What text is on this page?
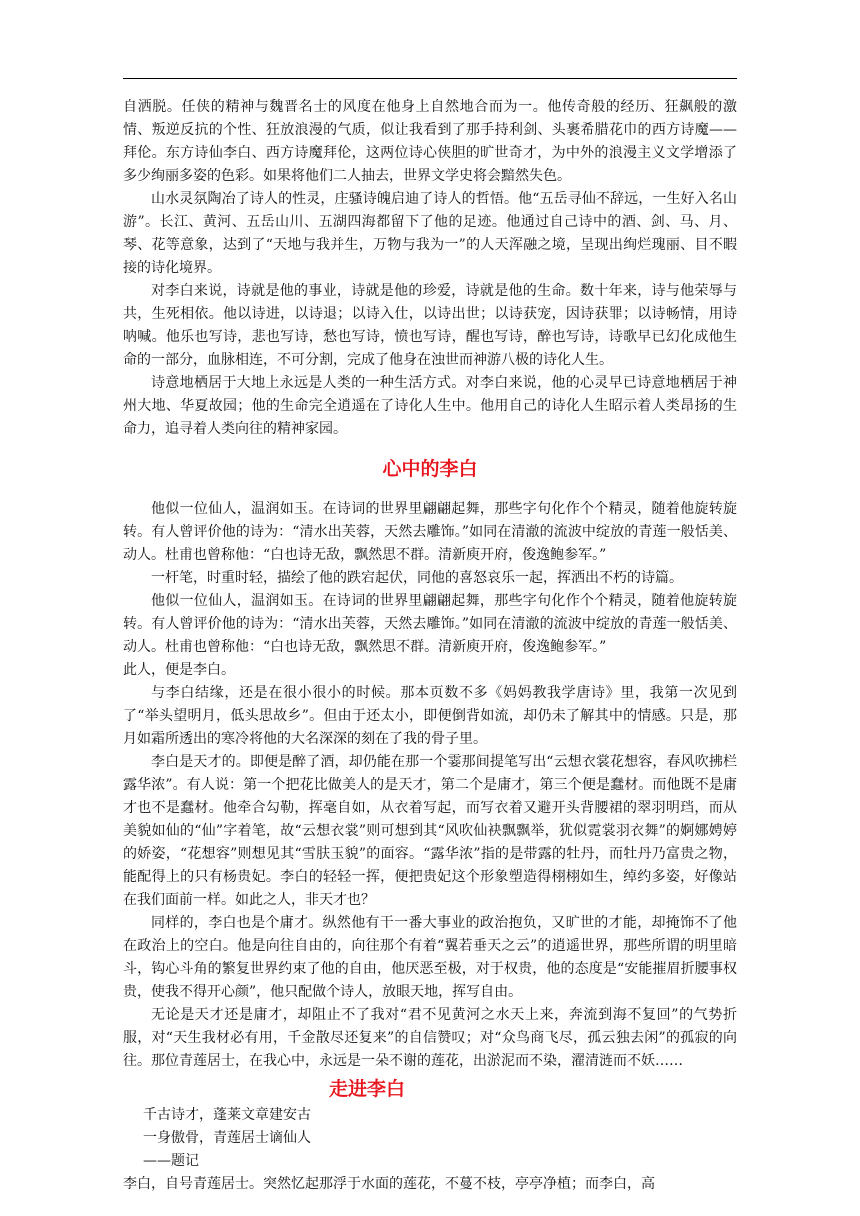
自洒脱。任侠的精神与魏晋名士的风度在他身上自然地合而为一。他传奇般的经历、狂飙般的激情、叛逆反抗的个性、狂放浪漫的气质，似让我看到了那手持利剑、头裹希腊花巾的西方诗魔——拜伦。东方诗仙李白、西方诗魔拜伦，这两位诗心侠胆的旷世奇才，为中外的浪漫主义文学增添了多少绚丽多姿的色彩。如果将他们二人抽去，世界文学史将会黯然失色。

山水灵氛陶冶了诗人的性灵，庄骚诗魄启迪了诗人的哲悟。他“五岳寻仙不辞远，一生好入名山游”。长江、黄河、五岳山川、五湖四海都留下了他的足迹。他通过自己诗中的酒、剑、马、月、琴、花等意象，达到了“天地与我并生，万物与我为一”的人天浑融之境，呈现出绚烂瑰丽、目不暇接的诗化境界。

对李白来说，诗就是他的事业，诗就是他的珍爱，诗就是他的生命。数十年来，诗与他荣辱与共，生死相依。他以诗进，以诗退；以诗入仕，以诗出世；以诗获宠，因诗获罪；以诗畅情，用诗呐喊。他乐也写诗，悲也写诗，愁也写诗，愤也写诗，醒也写诗，醉也写诗，诗歌早已幻化成他生命的一部分，血脉相连，不可分割，完成了他身在浊世而神游八极的诗化人生。

诗意地栖居于大地上永远是人类的一种生活方式。对李白来说，他的心灵早已诗意地栖居于神州大地、华夏故园；他的生命完全逍遥在了诗化人生中。他用自己的诗化人生昭示着人类昂扬的生命力，追寻着人类向往的精神家园。

心中的李白

他似一位仙人，温润如玉。在诗词的世界里翩翩起舞，那些字句化作个个精灵，随着他旋转旋转。有人曾评价他的诗为：“清水出芙蓉，天然去雕饰。”如同在清澈的流波中绽放的青莲一般恬美、动人。杜甫也曾称他：“白也诗无敌，飘然思不群。清新庾开府，俊逸鲍参军。”

一杆笔，时重时轻，描绘了他的跌宕起伏，同他的喜怒哀乐一起，挥洒出不朽的诗篇。

他似一位仙人，温润如玉。在诗词的世界里翩翩起舞，那些字句化作个个精灵，随着他旋转旋转。有人曾评价他的诗为：“清水出芙蓉，天然去雕饰。”如同在清澈的流波中绽放的青莲一般恬美、动人。杜甫也曾称他：“白也诗无敌，飘然思不群。清新庾开府，俊逸鲍参军。”

此人，便是李白。

与李白结缘，还是在很小很小的时候。那本页数不多《妈妈教我学唐诗》里，我第一次见到了“举头望明月，低头思故乡”。但由于还太小，即便倒背如流，却仍未了解其中的情感。只是，那月如霜所透出的寒冷将他的大名深深的刻在了我的骨子里。

李白是天才的。即便是醉了酒，却仍能在那一个霎那间提笔写出“云想衣裳花想容，春风吹拂栏露华浓”。有人说：第一个把花比做美人的是天才，第二个是庸才，第三个便是蠢材。而他既不是庸才也不是蠢材。他牵合勾勒，挥毫自如，从衣着写起，而写衣着又避开头背腰裙的翠羽明珰，而从美貌如仙的“仙”字着笔，故“云想衣裳”则可想到其“风吹仙袂飘飘举，犹似霓裳羽衣舞”的婀娜娉婷的娇姿，“花想容”则想见其“雪肤玉貌”的面容。“露华浓”指的是带露的牡丹，而牡丹乃富贵之物，能配得上的只有杨贵妃。李白的轻轻一挥，便把贵妃这个形象塑造得栩栩如生，绰约多姿，好像站在我们面前一样。如此之人，非天才也？

同样的，李白也是个庸才。纵然他有干一番大事业的政治抱负，又旷世的才能，却掩饰不了他在政治上的空白。他是向往自由的，向往那个有着“翼若垂天之云”的逍遥世界，那些所谓的明里暗斗，钩心斗角的繁复世界约束了他的自由，他厌恶至极，对于权贵，他的态度是“安能摧眉折腰事权贵，使我不得开心颜”，他只配做个诗人，放眼天地，挥写自由。

无论是天才还是庸才，却阻止不了我对“君不见黄河之水天上来，奔流到海不复回”的气势折服，对“天生我材必有用，千金散尽还复来”的自信赞叹；对“众鸟商飞尽，孤云独去闲”的孤寂的向往。那位青莲居士，在我心中，永远是一朵不谢的莲花，出淤泥而不染，濯清涟而不妖……

走进李白

千古诗才，蓬莱文章建安古

一身傲骨，青莲居士谪仙人

——题记

李白，自号青莲居士。突然忆起那浮于水面的莲花，不蔓不枝，亭亭净植；而李白，高
